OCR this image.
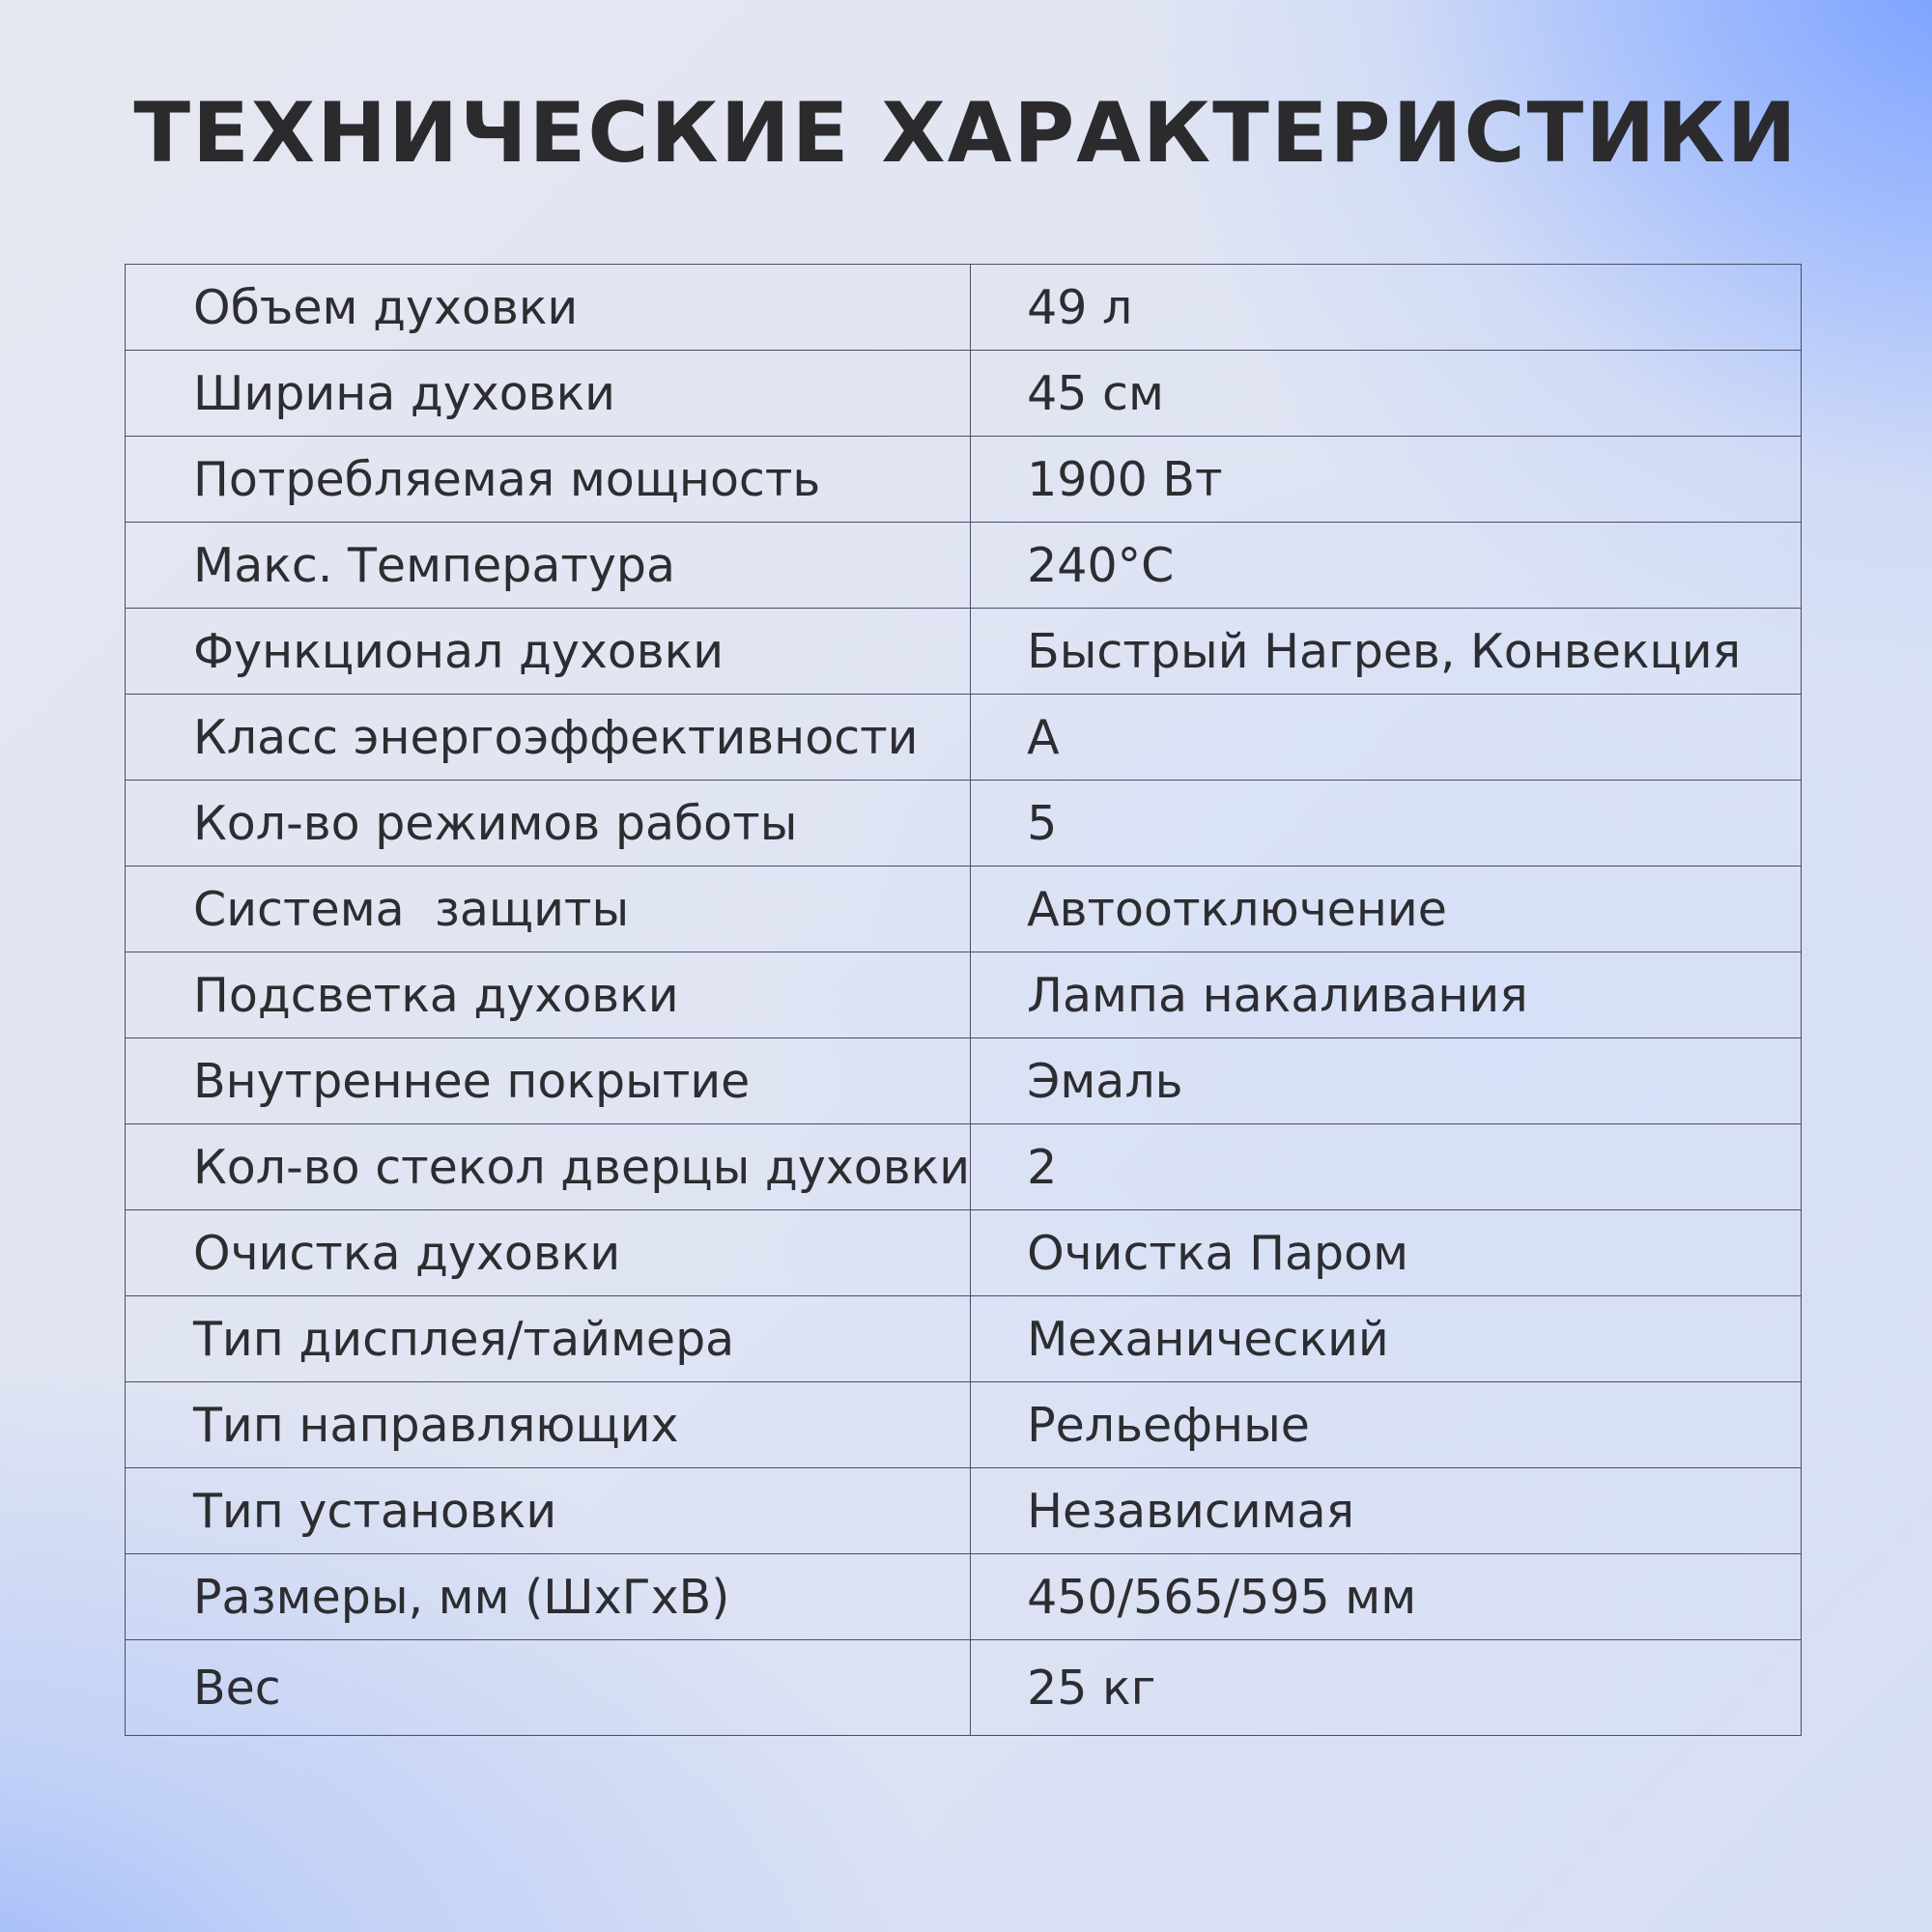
ТЕХНИЧЕСКИЕ ХАРАКТЕРИСТИКИ
Объем духовки	49 л
Ширина духовки	45 см
Потребляемая мощность	1900 Вт
Макс. Температура	240°С
Функционал духовки	Быстрый Нагрев, Конвекция
Класс энергоэффективности	А
Кол-во режимов работы	5
Система  защиты	Автоотключение
Подсветка духовки	Лампа накаливания
Внутреннее покрытие	Эмаль
Кол-во стекол дверцы духовки	2
Очистка духовки	Очистка Паром
Тип дисплея/таймера	Механический
Тип направляющих	Рельефные
Тип установки	Независимая
Размеры, мм (ШхГхВ)	450/565/595 мм
Вес	25 кг
